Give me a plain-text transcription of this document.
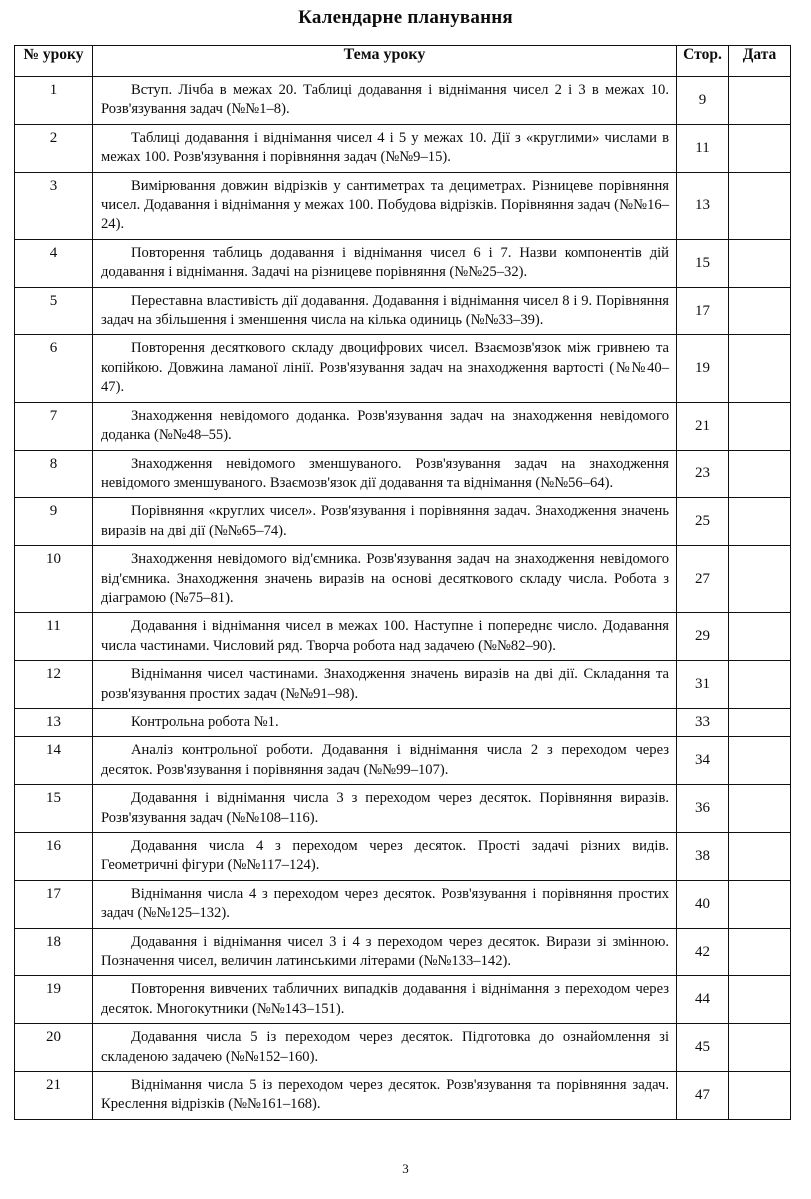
Календарне планування
№ уроку	Тема уроку	Стор.	Дата
1	Вступ. Лічба в межах 20. Таблиці додавання і віднімання чисел 2 і 3 в межах 10. Розв'язування задач (№№1–8).	9	
2	Таблиці додавання і віднімання чисел 4 і 5 у межах 10. Дії з «круглими» числами в межах 100. Розв'язування і порівняння задач (№№9–15).	11	
3	Вимірювання довжин відрізків у сантиметрах та дециметрах. Різницеве порівняння чисел. Додавання і віднімання у межах 100. Побудова відрізків. Порівняння задач (№№16–24).	13	
4	Повторення таблиць додавання і віднімання чисел 6 і 7. Назви компонентів дій додавання і віднімання. Задачі на різницеве порівняння (№№25–32).	15	
5	Переставна властивість дії додавання. Додавання і віднімання чисел 8 і 9. Порівняння задач на збільшення і зменшення числа на кілька одиниць (№№33–39).	17	
6	Повторення десяткового складу двоцифрових чисел. Взаємозв'язок між гривнею та копійкою. Довжина ламаної лінії. Розв'язування задач на знаходження вартості (№№40–47).	19	
7	Знаходження невідомого доданка. Розв'язування задач на знаходження невідомого доданка (№№48–55).	21	
8	Знаходження невідомого зменшуваного. Розв'язування задач на знаходження невідомого зменшуваного. Взаємозв'язок дії додавання та віднімання (№№56–64).	23	
9	Порівняння «круглих чисел». Розв'язування і порівняння задач. Знаходження значень виразів на дві дії (№№65–74).	25	
10	Знаходження невідомого від'ємника. Розв'язування задач на знаходження невідомого від'ємника. Знаходження значень виразів на основі десяткового складу числа. Робота з діаграмою (№75–81).	27	
11	Додавання і віднімання чисел в межах 100. Наступне і попереднє число. Додавання числа частинами. Числовий ряд. Творча робота над задачею (№№82–90).	29	
12	Віднімання чисел частинами. Знаходження значень виразів на дві дії. Складання та розв'язування простих задач (№№91–98).	31	
13	Контрольна робота №1.	33	
14	Аналіз контрольної роботи. Додавання і віднімання числа 2 з переходом через десяток. Розв'язування і порівняння задач (№№99–107).	34	
15	Додавання і віднімання числа 3 з переходом через десяток. Порівняння виразів. Розв'язування задач (№№108–116).	36	
16	Додавання числа 4 з переходом через десяток. Прості задачі різних видів. Геометричні фігури (№№117–124).	38	
17	Віднімання числа 4 з переходом через десяток. Розв'язування і порівняння простих задач (№№125–132).	40	
18	Додавання і віднімання чисел 3 і 4 з переходом через десяток. Вирази зі змінною. Позначення чисел, величин латинськими літерами (№№133–142).	42	
19	Повторення вивчених табличних випадків додавання і віднімання з переходом через десяток. Многокутники (№№143–151).	44	
20	Додавання числа 5 із переходом через десяток. Підготовка до ознайомлення зі складеною задачею (№№152–160).	45	
21	Віднімання числа 5 із переходом через десяток. Розв'язування та порівняння задач. Креслення відрізків (№№161–168).	47	
3
